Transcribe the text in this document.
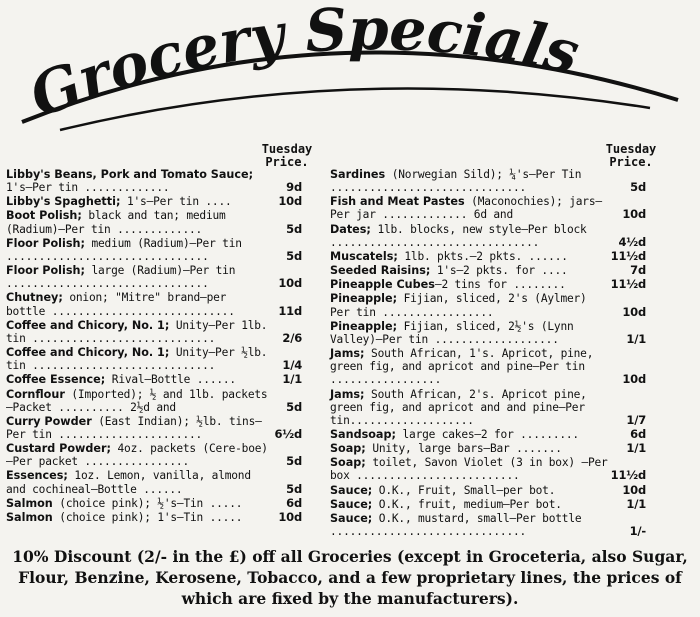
Grocery Specials
Tuesday
Price.
Tuesday
Price.
Libby's Beans, Pork and Tomato Sauce; 1's—Per tin .............	9d
Libby's Spaghetti; 1's—Per tin ....	10d
Boot Polish; black and tan; medium (Radium)—Per tin .............	5d
Floor Polish; medium (Radium)—Per tin ...............................	5d
Floor Polish; large (Radium)—Per tin ...............................	10d
Chutney; onion; "Mitre" brand—per bottle ............................	11d
Coffee and Chicory, No. 1; Unity—Per 1lb. tin ............................	2/6
Coffee and Chicory, No. 1; Unity—Per ½lb. tin ............................	1/4
Coffee Essence; Rival—Bottle ......	1/1
Cornflour (Imported); ½ and 1lb. packets—Packet .......... 2½d and	5d
Curry Powder (East Indian); ½lb. tins—Per tin ......................	6½d
Custard Powder; 4oz. packets (Cere-boe)—Per packet ................	5d
Essences; 1oz. Lemon, vanilla, almond and cochineal—Bottle ......	5d
Salmon (choice pink); ½'s—Tin .....	6d
Salmon (choice pink); 1's—Tin .....	10d
Sardines (Norwegian Sild); ¼'s—Per Tin ..............................	5d
Fish and Meat Pastes (Maconochies); jars—Per jar ............. 6d and	10d
Dates; 1lb. blocks, new style—Per block ................................	4½d
Muscatels; 1lb. pkts.—2 pkts. ......	11½d
Seeded Raisins; 1's—2 pkts. for ....	7d
Pineapple Cubes—2 tins for ........	11½d
Pineapple; Fijian, sliced, 2's (Aylmer) Per tin .................	10d
Pineapple; Fijian, sliced, 2½'s (Lynn Valley)—Per tin ...................	1/1
Jams; South African, 1's. Apricot, pine, green fig, and apricot and pine—Per tin .................	10d
Jams; South African, 2's. Apricot pine, green fig, and apricot and and pine—Per tin...................	1/7
Sandsoap; large cakes—2 for .........	6d
Soap; Unity, large bars—Bar .......	1/1
Soap; toilet, Savon Violet (3 in box) —Per box .........................	11½d
Sauce; O.K., Fruit, Small—per bot.	10d
Sauce; O.K., fruit, medium—Per bot.	1/1
Sauce; O.K., mustard, small—Per bottle ..............................	1/-
10% Discount (2/- in the £) off all Groceries (except in Groceteria, also Sugar, Flour, Benzine, Kerosene, Tobacco, and a few proprietary lines, the prices of which are fixed by the manufacturers).
